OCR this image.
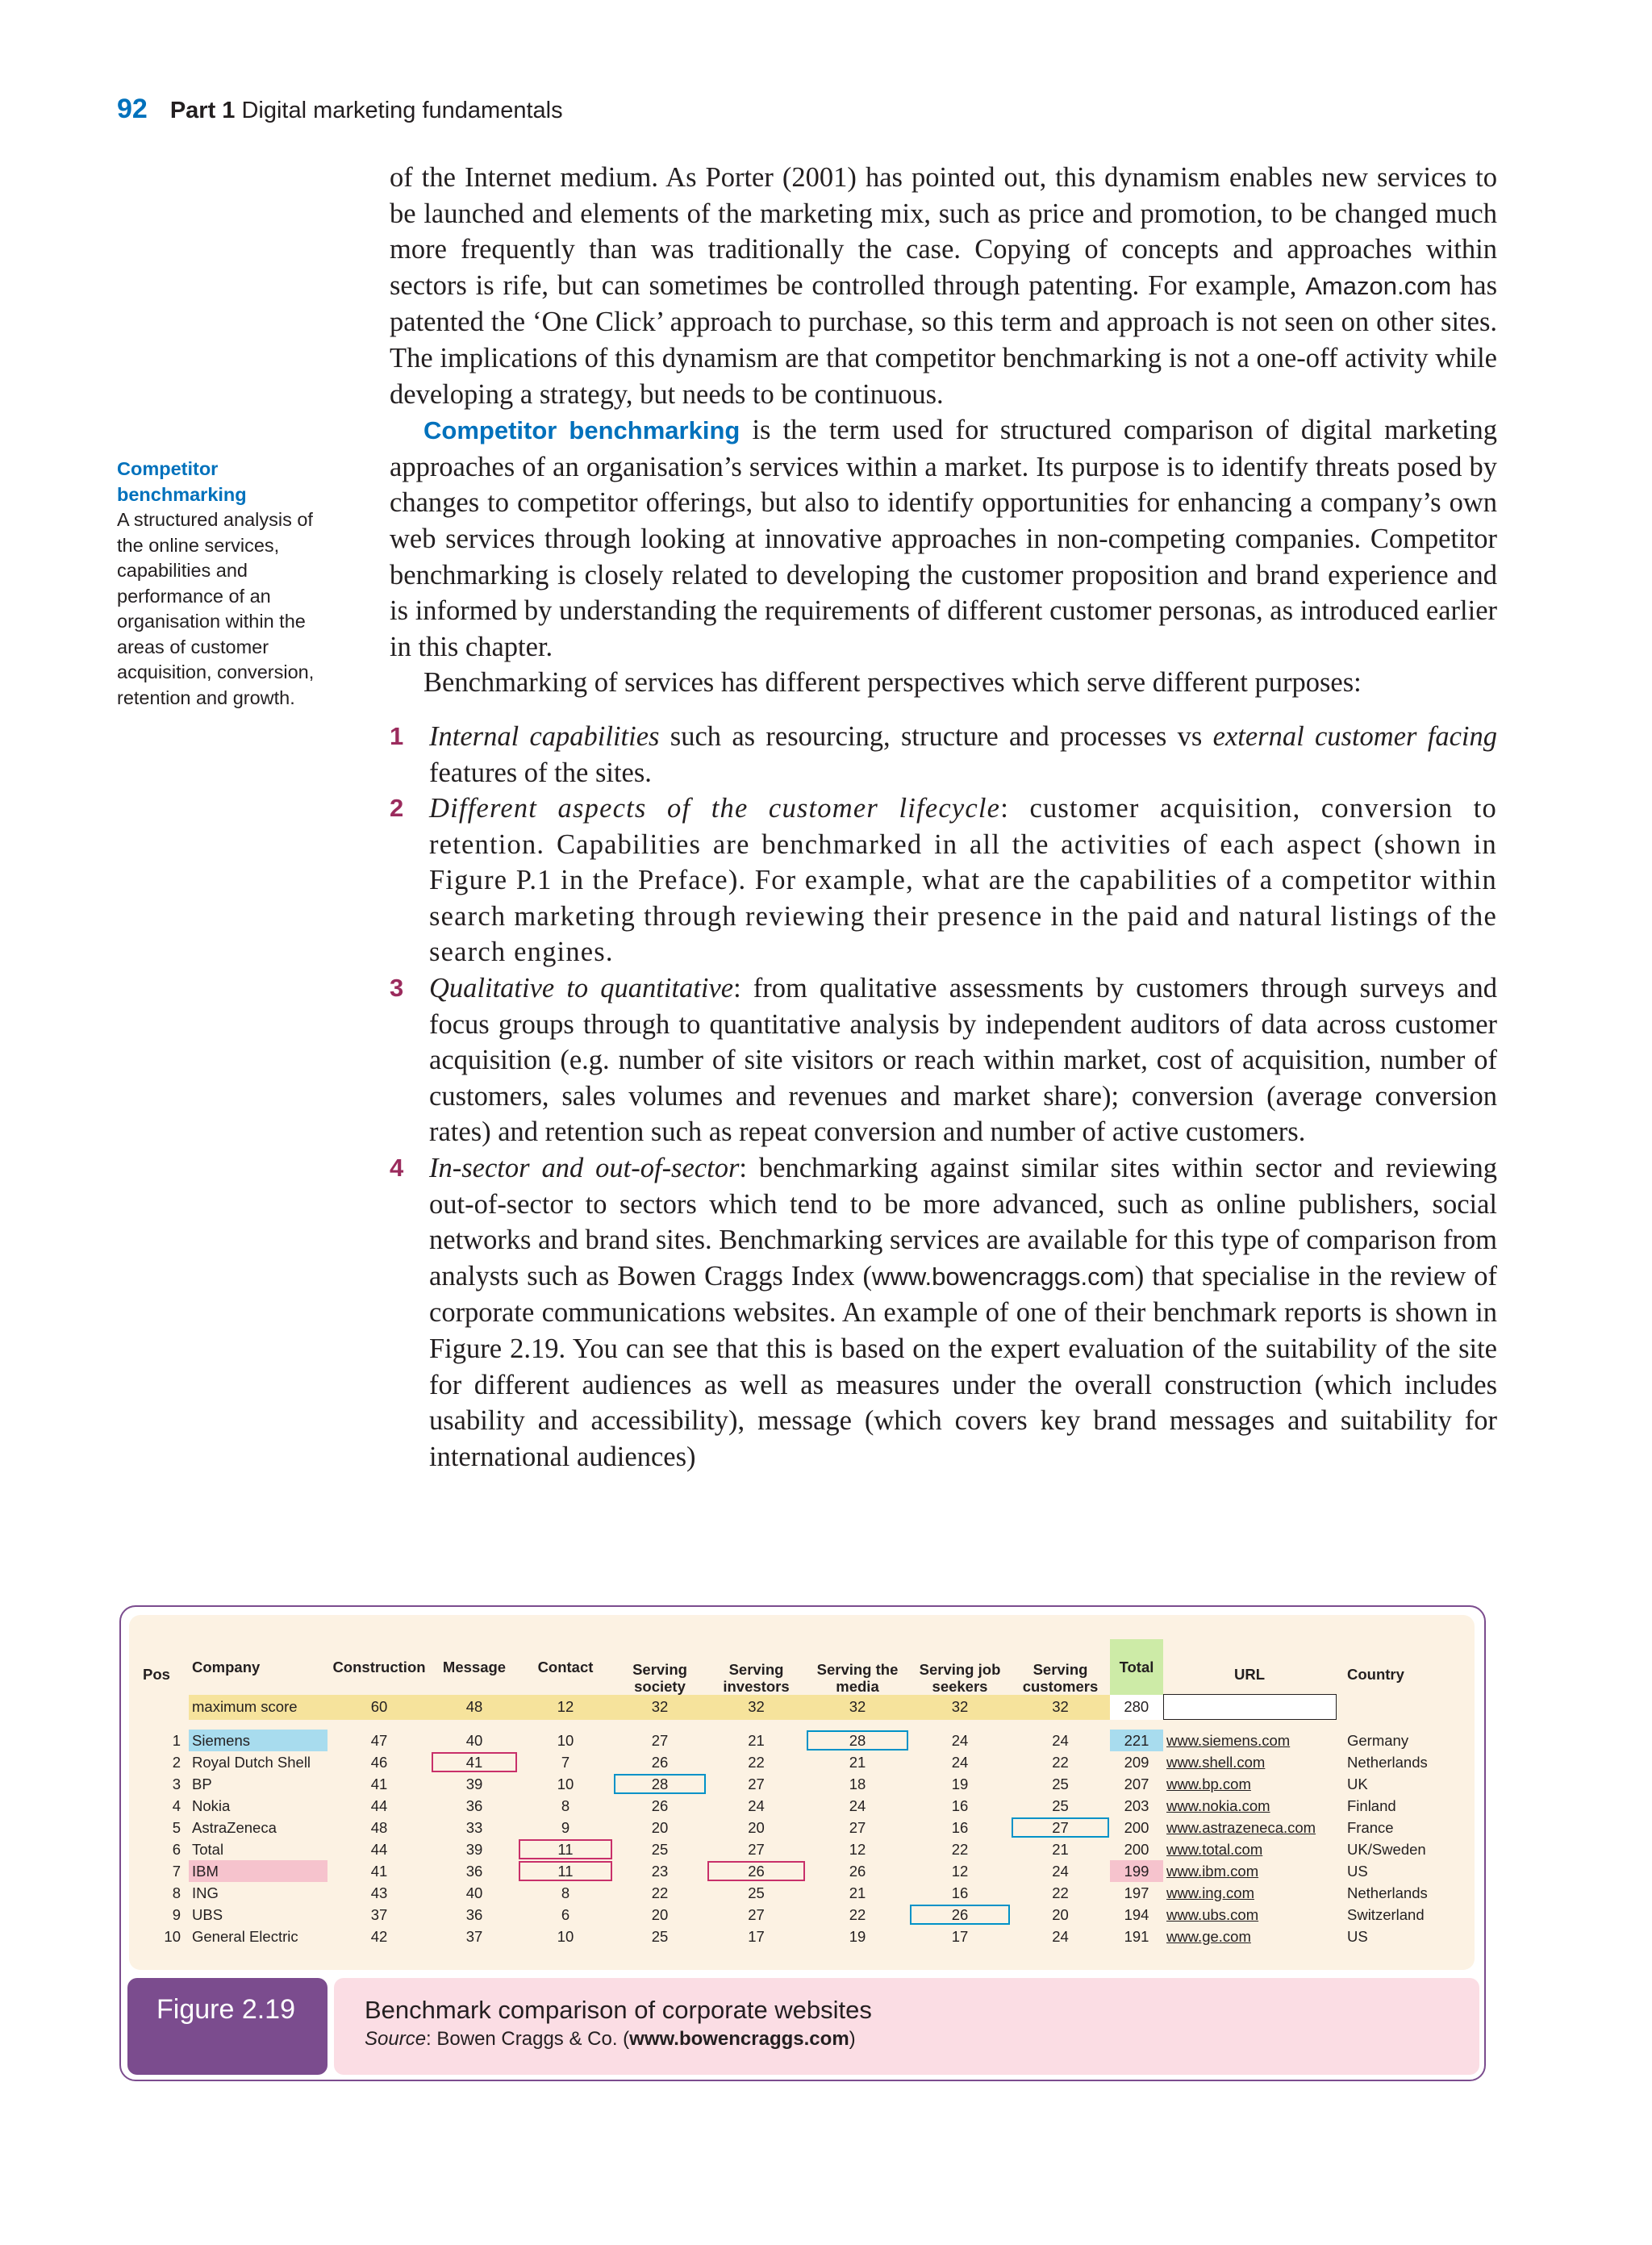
92 Part 1 Digital marketing fundamentals
Competitor benchmarking
A structured analysis of the online services, capabilities and performance of an organisation within the areas of customer acquisition, conversion, retention and growth.

of the Internet medium. As Porter (2001) has pointed out, this dynamism enables new services to be launched and elements of the marketing mix, such as price and promotion, to be changed much more frequently than was traditionally the case. Copying of concepts and approaches within sectors is rife, but can sometimes be controlled through patenting. For example, Amazon.com has patented the ‘One Click’ approach to purchase, so this term and approach is not seen on other sites. The implications of this dynamism are that competitor benchmarking is not a one-off activity while developing a strategy, but needs to be continuous.

Competitor benchmarking is the term used for structured comparison of digital marketing approaches of an organisation’s services within a market. Its purpose is to identify threats posed by changes to competitor offerings, but also to identify opportunities for enhancing a company’s own web services through looking at innovative approaches in non-competing companies. Competitor benchmarking is closely related to developing the customer proposition and brand experience and is informed by understanding the requirements of different customer personas, as introduced earlier in this chapter.

Benchmarking of services has different perspectives which serve different purposes:

1 Internal capabilities such as resourcing, structure and processes vs external customer facing features of the sites.
2 Different aspects of the customer lifecycle: customer acquisition, conversion to retention. Capabilities are benchmarked in all the activities of each aspect (shown in Figure P.1 in the Preface). For example, what are the capabilities of a competitor within search marketing through reviewing their presence in the paid and natural listings of the search engines.
3 Qualitative to quantitative: from qualitative assessments by customers through surveys and focus groups through to quantitative analysis by independent auditors of data across customer acquisition (e.g. number of site visitors or reach within market, cost of acquisition, number of customers, sales volumes and revenues and market share); conversion (average conversion rates) and retention such as repeat conversion and number of active customers.
4 In-sector and out-of-sector: benchmarking against similar sites within sector and reviewing out-of-sector to sectors which tend to be more advanced, such as online publishers, social networks and brand sites. Benchmarking services are available for this type of comparison from analysts such as Bowen Craggs Index (www.bowencraggs.com) that specialise in the review of corporate communications websites. An example of one of their benchmark reports is shown in Figure 2.19. You can see that this is based on the expert evaluation of the suitability of the site for different audiences as well as measures under the overall construction (which includes usability and accessibility), message (which covers key brand messages and suitability for international audiences)
Pos	Company	Construction	Message	Contact	Serving society	Serving investors	Serving the media	Serving job seekers	Serving customers	Total	URL	Country
	maximum score	60	48	12	32	32	32	32	32	280		

1	Siemens	47	40	10	27	21	28	24	24	221	www.siemens.com	Germany
2	Royal Dutch Shell	46	41	7	26	22	21	24	22	209	www.shell.com	Netherlands
3	BP	41	39	10	28	27	18	19	25	207	www.bp.com	UK
4	Nokia	44	36	8	26	24	24	16	25	203	www.nokia.com	Finland
5	AstraZeneca	48	33	9	20	20	27	16	27	200	www.astrazeneca.com	France
6	Total	44	39	11	25	27	12	22	21	200	www.total.com	UK/Sweden
7	IBM	41	36	11	23	26	26	12	24	199	www.ibm.com	US
8	ING	43	40	8	22	25	21	16	22	197	www.ing.com	Netherlands
9	UBS	37	36	6	20	27	22	26	20	194	www.ubs.com	Switzerland
10	General Electric	42	37	10	25	17	19	17	24	191	www.ge.com	US
Figure 2.19	Benchmark comparison of corporate websites
Source: Bowen Craggs & Co. (www.bowencraggs.com)
